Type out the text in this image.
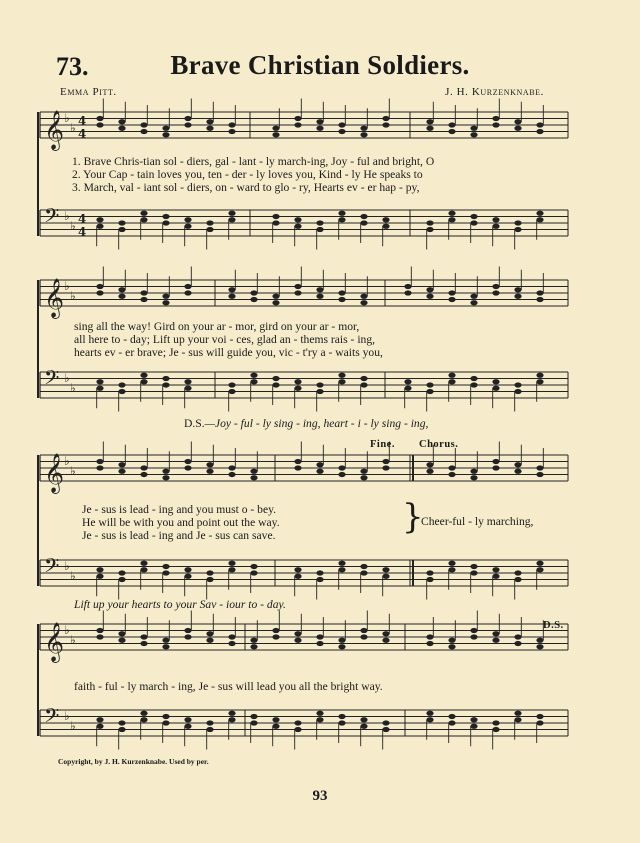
73.	Brave Christian Soldiers.
Emma Pitt.	J. H. Kurzenknabe.
𝄞 ♭
♭ 4
4
𝄢 ♭
♭ 4
4
𝄞 ♭
♭
𝄢 ♭
♭
𝄞 ♭
♭
𝄢 ♭
♭
𝄞 ♭
♭
𝄢 ♭
♭
1. Brave Chris-tian sol - diers, gal - lant - ly march-ing, Joy - ful and bright, O
2. Your Cap - tain loves you, ten - der - ly loves you, Kind - ly He speaks to
3. March, val - iant sol - diers, on - ward to glo - ry, Hearts ev - er hap - py,
sing all the way! Gird on your ar - mor, gird on your ar - mor,
all here to - day; Lift up your voi - ces, glad an - thems rais - ing,
hearts ev - er brave; Je - sus will guide you, vic - t'ry a - waits you,
D.S.—Joy - ful - ly sing - ing, heart - i - ly sing - ing,
Fine. Chorus.
Je - sus is lead - ing and you must o - bey.
He will be with you and point out the way.
Je - sus is lead - ing and Je - sus can save.	}
Cheer-ful - ly marching,
Lift up your hearts to your Sav - iour to - day.
D.S.
faith - ful - ly march - ing, Je - sus will lead you all the bright way.
Copyright, by J. H. Kurzenknabe. Used by per.
93
